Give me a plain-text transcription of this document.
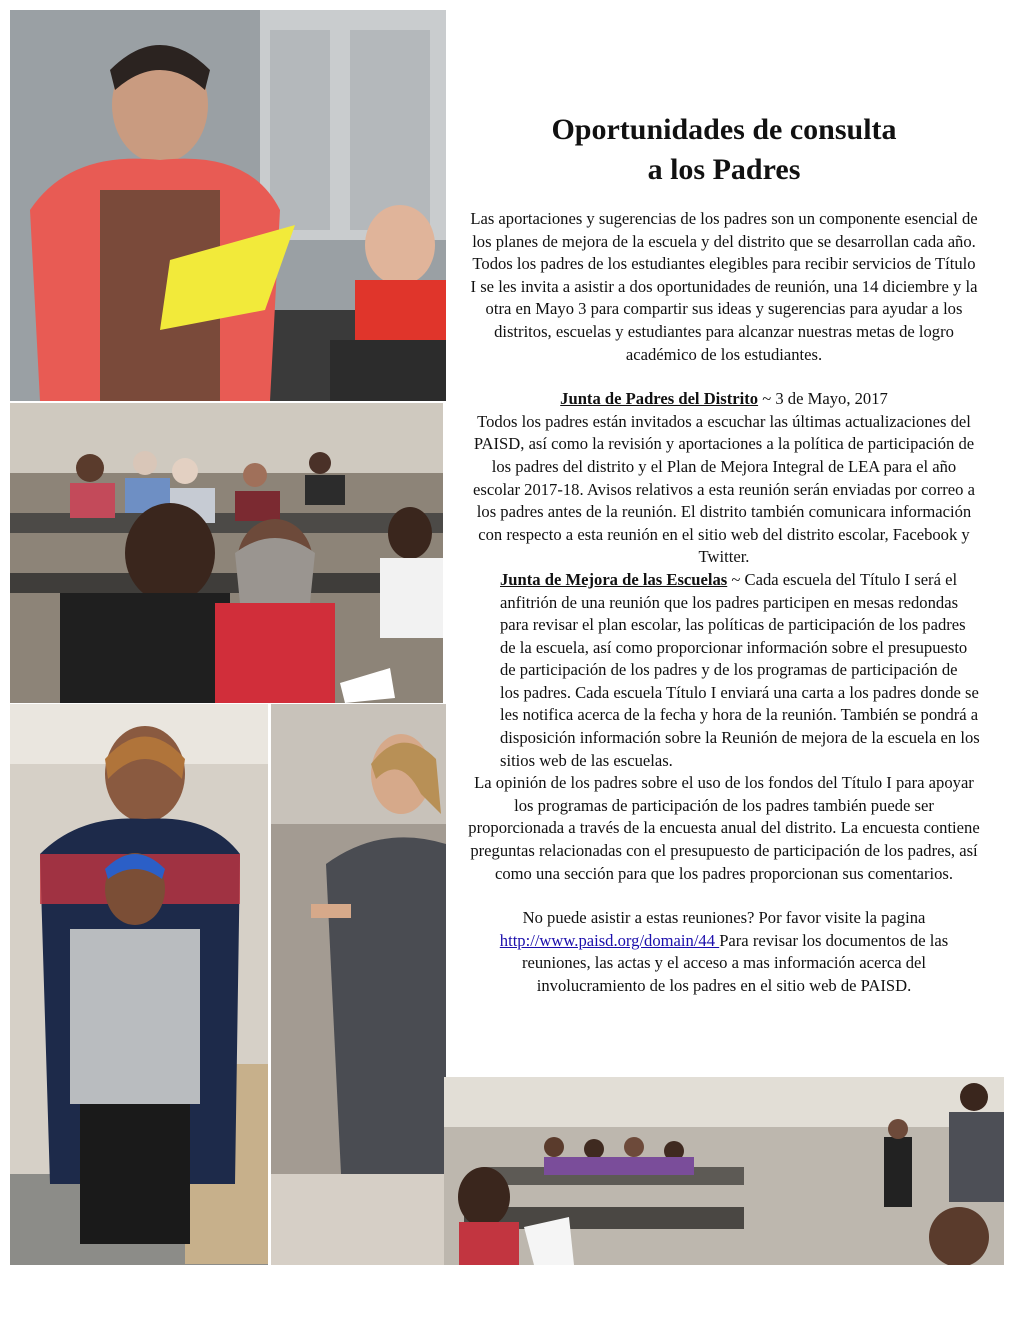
Oportunidades de consulta
a los Padres

Las aportaciones y sugerencias de los padres son un componente esencial de los planes de mejora de la escuela y del distrito que se desarrollan cada año. Todos los padres de los estudiantes elegibles para recibir servicios de Título I se les invita a asistir a dos oportunidades de reunión, una 14 diciembre y la otra en Mayo 3 para compartir sus ideas y sugerencias para ayudar a los distritos, escuelas y estudiantes para alcanzar nuestras metas de logro académico de los estudiantes.

Junta de Padres del Distrito ~ 3 de Mayo, 2017

Todos los padres están invitados a escuchar las últimas actualizaciones del PAISD, así como la revisión y aportaciones a la política de participación de los padres del distrito y el Plan de Mejora Integral de LEA para el año escolar 2017-18. Avisos relativos a esta reunión serán enviadas por correo a los padres antes de la reunión. El distrito también comunicara información con respecto a esta reunión en el sitio web del distrito escolar, Facebook y Twitter.

Junta de Mejora de las Escuelas ~ Cada escuela del Título I será el anfitrión de una reunión que los padres participen en mesas redondas para revisar el plan escolar, las políticas de participación de los padres de la escuela, así como proporcionar información sobre el presupuesto de participación de los padres y de los programas de participación de los padres. Cada escuela Título I enviará una carta a los padres donde se les notifica acerca de la fecha y hora de la reunión. También se pondrá a disposición información sobre la Reunión de mejora de la escuela en los sitios web de las escuelas.

La opinión de los padres sobre el uso de los fondos del Título I para apoyar los programas de participación de los padres también puede ser proporcionada a través de la encuesta anual del distrito. La encuesta contiene preguntas relacionadas con el presupuesto de participación de los padres, así como una sección para que los padres proporcionan sus comentarios.

No puede asistir a estas reuniones? Por favor visite la pagina http://www.paisd.org/domain/44 Para revisar los documentos de las reuniones, las actas y el acceso a mas información acerca del involucramiento de los padres en el sitio web de PAISD.
